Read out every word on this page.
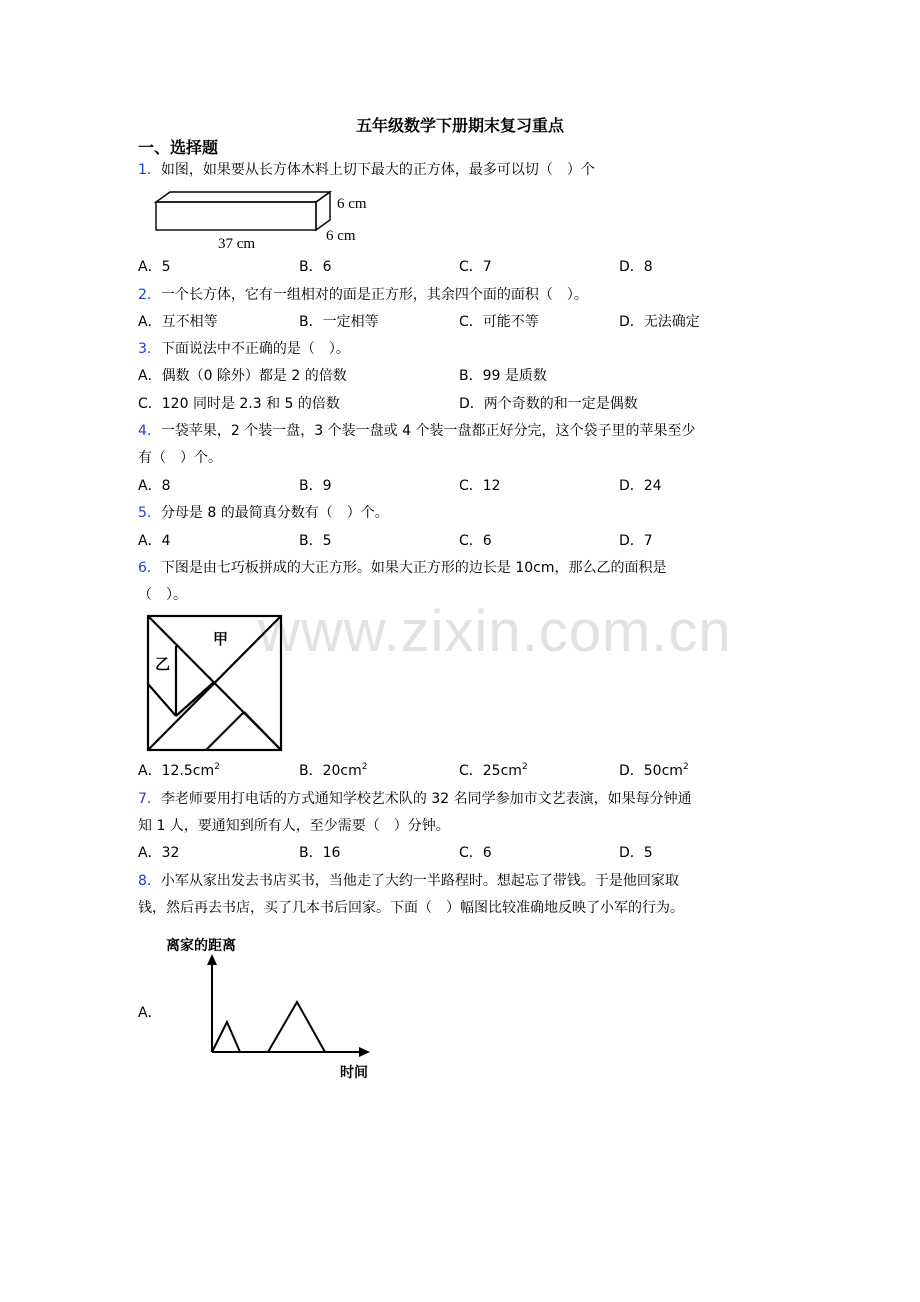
www.zixin.com.cn
五年级数学下册期末复习重点
一、选择题
1．如图，如果要从长方体木料上切下最大的正方体，最多可以切（　）个
37 cm
6 cm
6 cm
A．5	B．6	C．7	D．8
2．一个长方体，它有一组相对的面是正方形，其余四个面的面积（　）。
A．互不相等	B．一定相等	C．可能不等	D．无法确定
3．下面说法中不正确的是（　）。
A．偶数（0 除外）都是 2 的倍数	B．99 是质数
C．120 同时是 2.3 和 5 的倍数	D．两个奇数的和一定是偶数
4．一袋苹果，2 个装一盘，3 个装一盘或 4 个装一盘都正好分完，这个袋子里的苹果至少
有（　）个。
A．8	B．9	C．12	D．24
5．分母是 8 的最简真分数有（　）个。
A．4	B．5	C．6	D．7
6．下图是由七巧板拼成的大正方形。如果大正方形的边长是 10cm，那么乙的面积是
（　）。
甲
乙
A．$12.5cm^2$	B．$20cm^2$	C．$25cm^2$	D．$50cm^2$
7．李老师要用打电话的方式通知学校艺术队的 32 名同学参加市文艺表演，如果每分钟通
知 1 人，要通知到所有人，至少需要（　）分钟。
A．32	B．16	C．6	D．5
8．小军从家出发去书店买书，当他走了大约一半路程时。想起忘了带钱。于是他回家取
钱，然后再去书店，买了几本书后回家。下面（　）幅图比较准确地反映了小军的行为。
A．
离家的距离
时间
